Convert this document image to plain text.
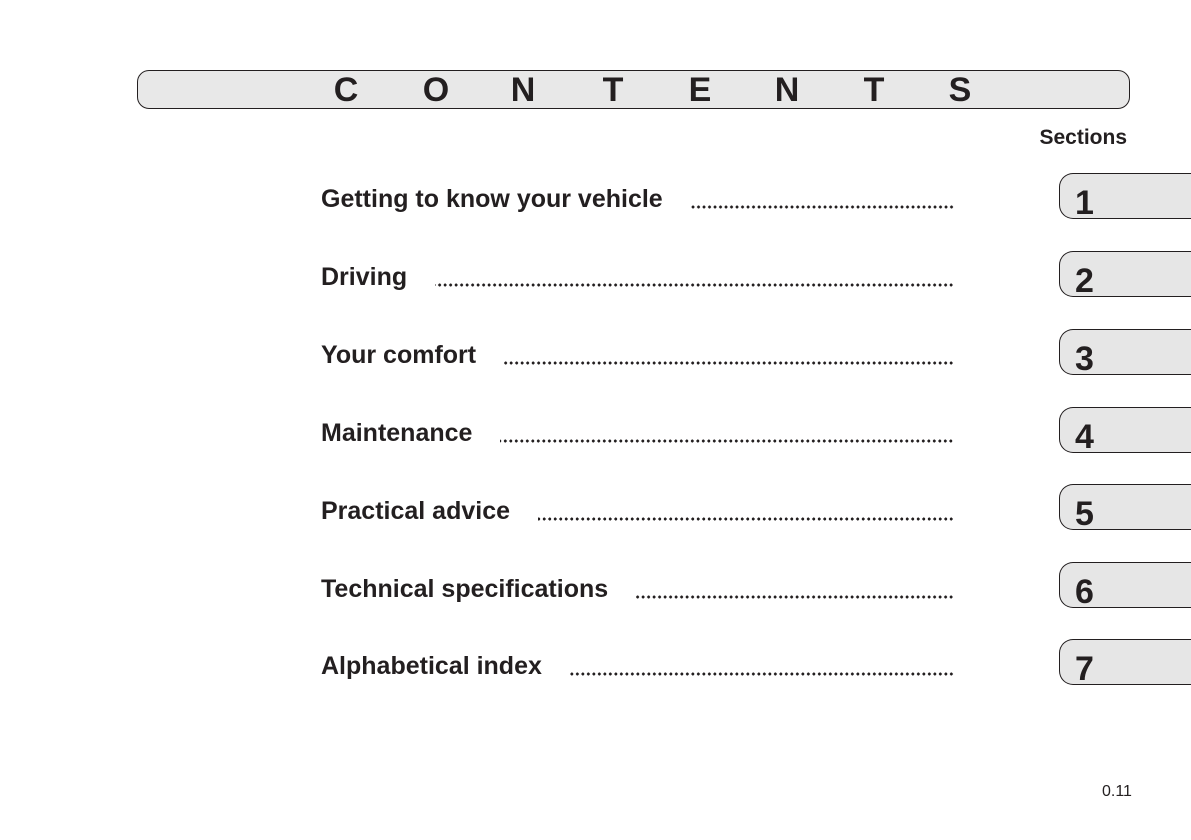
C O N T E N T S
Sections
Getting to know your vehicle
Driving
Your comfort
Maintenance
Practical advice
Technical specifications
Alphabetical index
1
2
3
4
5
6
7
0.11
